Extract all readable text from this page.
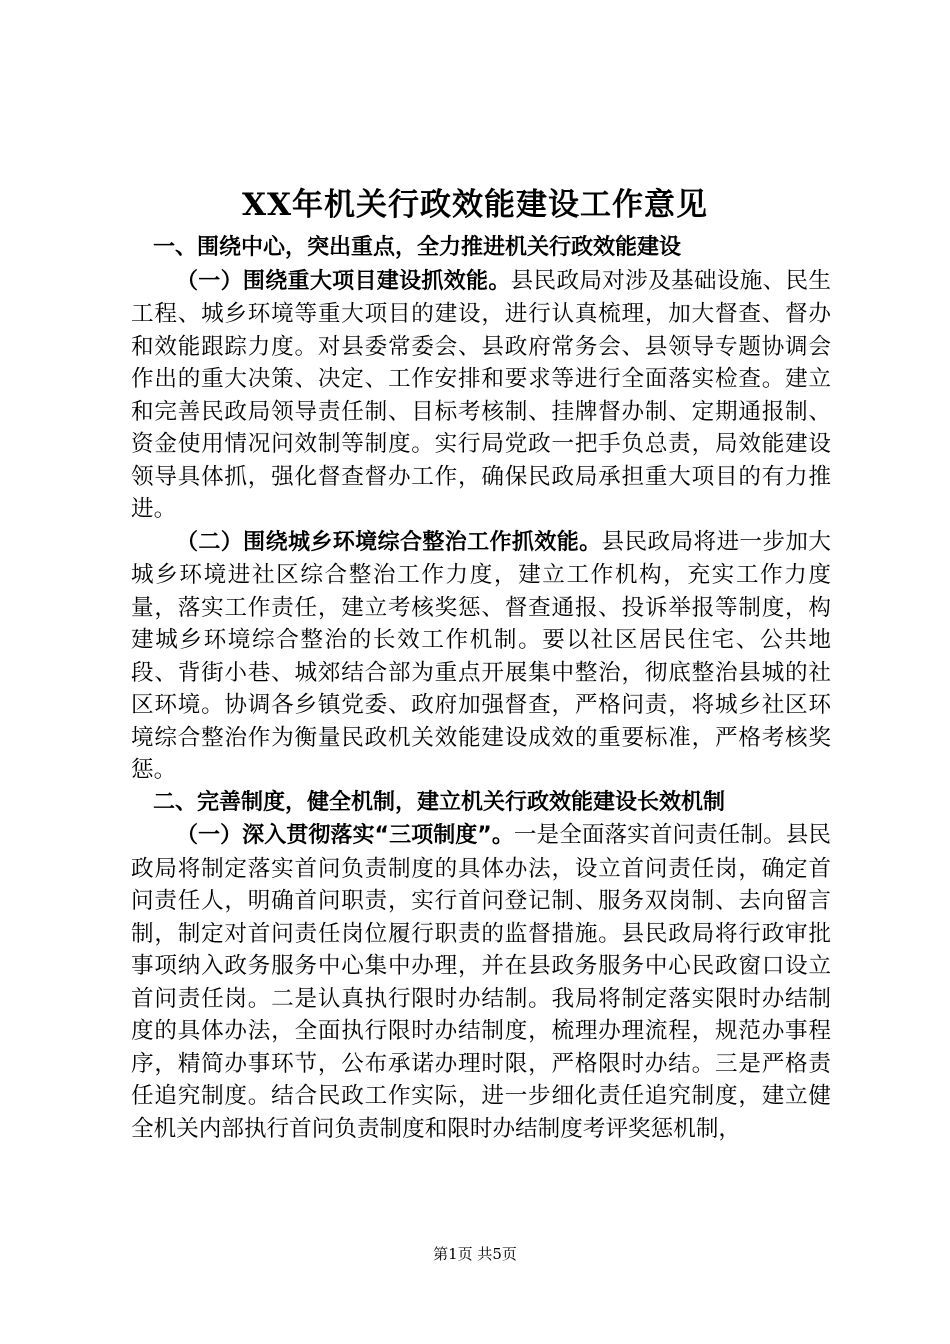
XX年机关行政效能建设工作意见

一、围绕中心，突出重点，全力推进机关行政效能建设

（一）围绕重大项目建设抓效能。县民政局对涉及基础设施、民生工程、城乡环境等重大项目的建设，进行认真梳理，加大督查、督办和效能跟踪力度。对县委常委会、县政府常务会、县领导专题协调会作出的重大决策、决定、工作安排和要求等进行全面落实检查。建立和完善民政局领导责任制、目标考核制、挂牌督办制、定期通报制、资金使用情况问效制等制度。实行局党政一把手负总责，局效能建设领导具体抓，强化督查督办工作，确保民政局承担重大项目的有力推进。

（二）围绕城乡环境综合整治工作抓效能。县民政局将进一步加大城乡环境进社区综合整治工作力度，建立工作机构，充实工作力度量，落实工作责任，建立考核奖惩、督查通报、投诉举报等制度，构建城乡环境综合整治的长效工作机制。要以社区居民住宅、公共地段、背街小巷、城郊结合部为重点开展集中整治，彻底整治县城的社区环境。协调各乡镇党委、政府加强督查，严格问责，将城乡社区环境综合整治作为衡量民政机关效能建设成效的重要标准，严格考核奖惩。

二、完善制度，健全机制，建立机关行政效能建设长效机制

（一）深入贯彻落实“三项制度”。一是全面落实首问责任制。县民政局将制定落实首问负责制度的具体办法，设立首问责任岗，确定首问责任人，明确首问职责，实行首问登记制、服务双岗制、去向留言制，制定对首问责任岗位履行职责的监督措施。县民政局将行政审批事项纳入政务服务中心集中办理，并在县政务服务中心民政窗口设立首问责任岗。二是认真执行限时办结制。我局将制定落实限时办结制度的具体办法，全面执行限时办结制度，梳理办理流程，规范办事程序，精简办事环节，公布承诺办理时限，严格限时办结。三是严格责任追究制度。结合民政工作实际，进一步细化责任追究制度，建立健全机关内部执行首问负责制度和限时办结制度考评奖惩机制，

第1页 共5页
